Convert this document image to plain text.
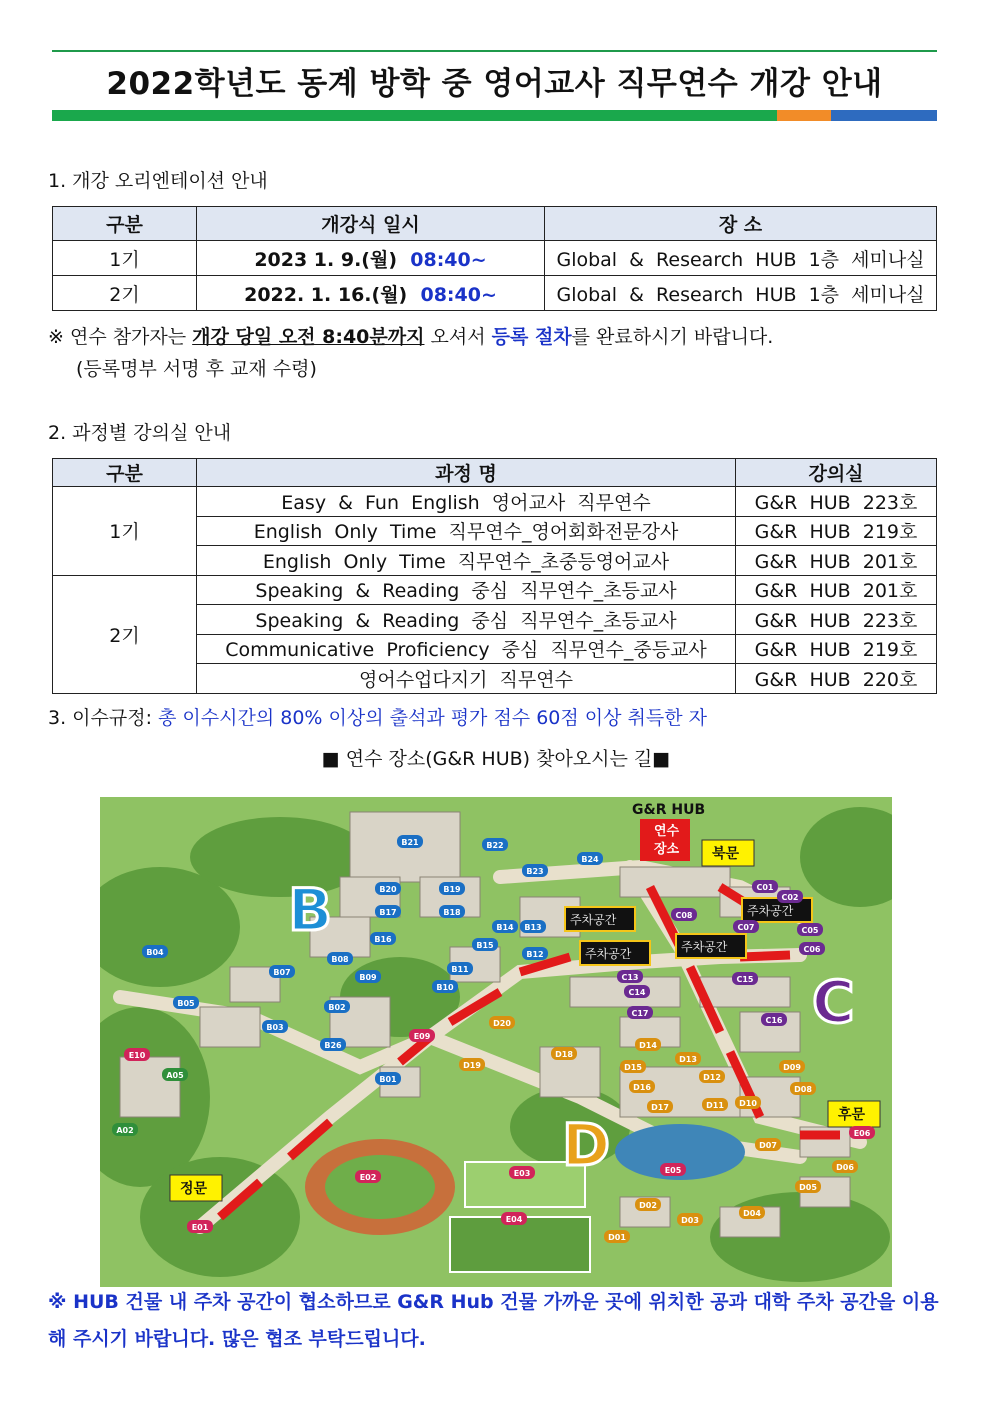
2022학년도 동계 방학 중 영어교사 직무연수 개강 안내
1. 개강 오리엔테이션 안내
구분	개강식 일시	장 소
1기	2023 1. 9.(월) 08:40~	Global  &  Research  HUB  1층  세미나실
2기	2022. 1. 16.(월) 08:40~	Global  &  Research  HUB  1층  세미나실
※ 연수 참가자는 개강 당일 오전 8:40분까지 오셔서 등록 절차를 완료하시기 바랍니다.
(등록명부 서명 후 교재 수령)
2. 과정별 강의실 안내
구분	과정 명	강의실
1기	Easy  &  Fun  English  영어교사  직무연수	G&R  HUB  223호
	English  Only  Time  직무연수_영어회화전문강사	G&R  HUB  219호
	English  Only  Time  직무연수_초중등영어교사	G&R  HUB  201호
2기	Speaking  &  Reading  중심  직무연수_초등교사	G&R  HUB  201호
	Speaking  &  Reading  중심  직무연수_초등교사	G&R  HUB  223호
	Communicative  Proficiency  중심  직무연수_중등교사	G&R  HUB  219호
	영어수업다지기  직무연수	G&R  HUB  220호
3. 이수규정: 총 이수시간의 80% 이상의 출석과 평가 점수 60점 이상 취득한 자
■ 연수 장소(G&R HUB) 찾아오시는 길■
B
C
D
G&R HUB
연수
장소 북문
정문
후문
주차공간
주차공간	주차공간
주차공간
B21	B22
B24
B23
B20	B19
B17	B18
B16
B14 B13
B15
B12
B04
B08
B07
B09
B11
B10
B05	B02
B03
B26
B01
E10
A05
A02
E09
D20
D19
D18
C08
C07
C13
C14
C15
C16
C17
C01
C02
C05
C06
D14
D13
D15
D12
D16
D17	D11
D09
D08
D10
D07
D06
E06
E05
E02	E03
E04
D05
D04
D03
D02
D01
E01
※ HUB 건물 내 주차 공간이 협소하므로 G&R Hub 건물 가까운 곳에 위치한 공과 대학 주차 공간을 이용해 주시기 바랍니다. 많은 협조 부탁드립니다.
